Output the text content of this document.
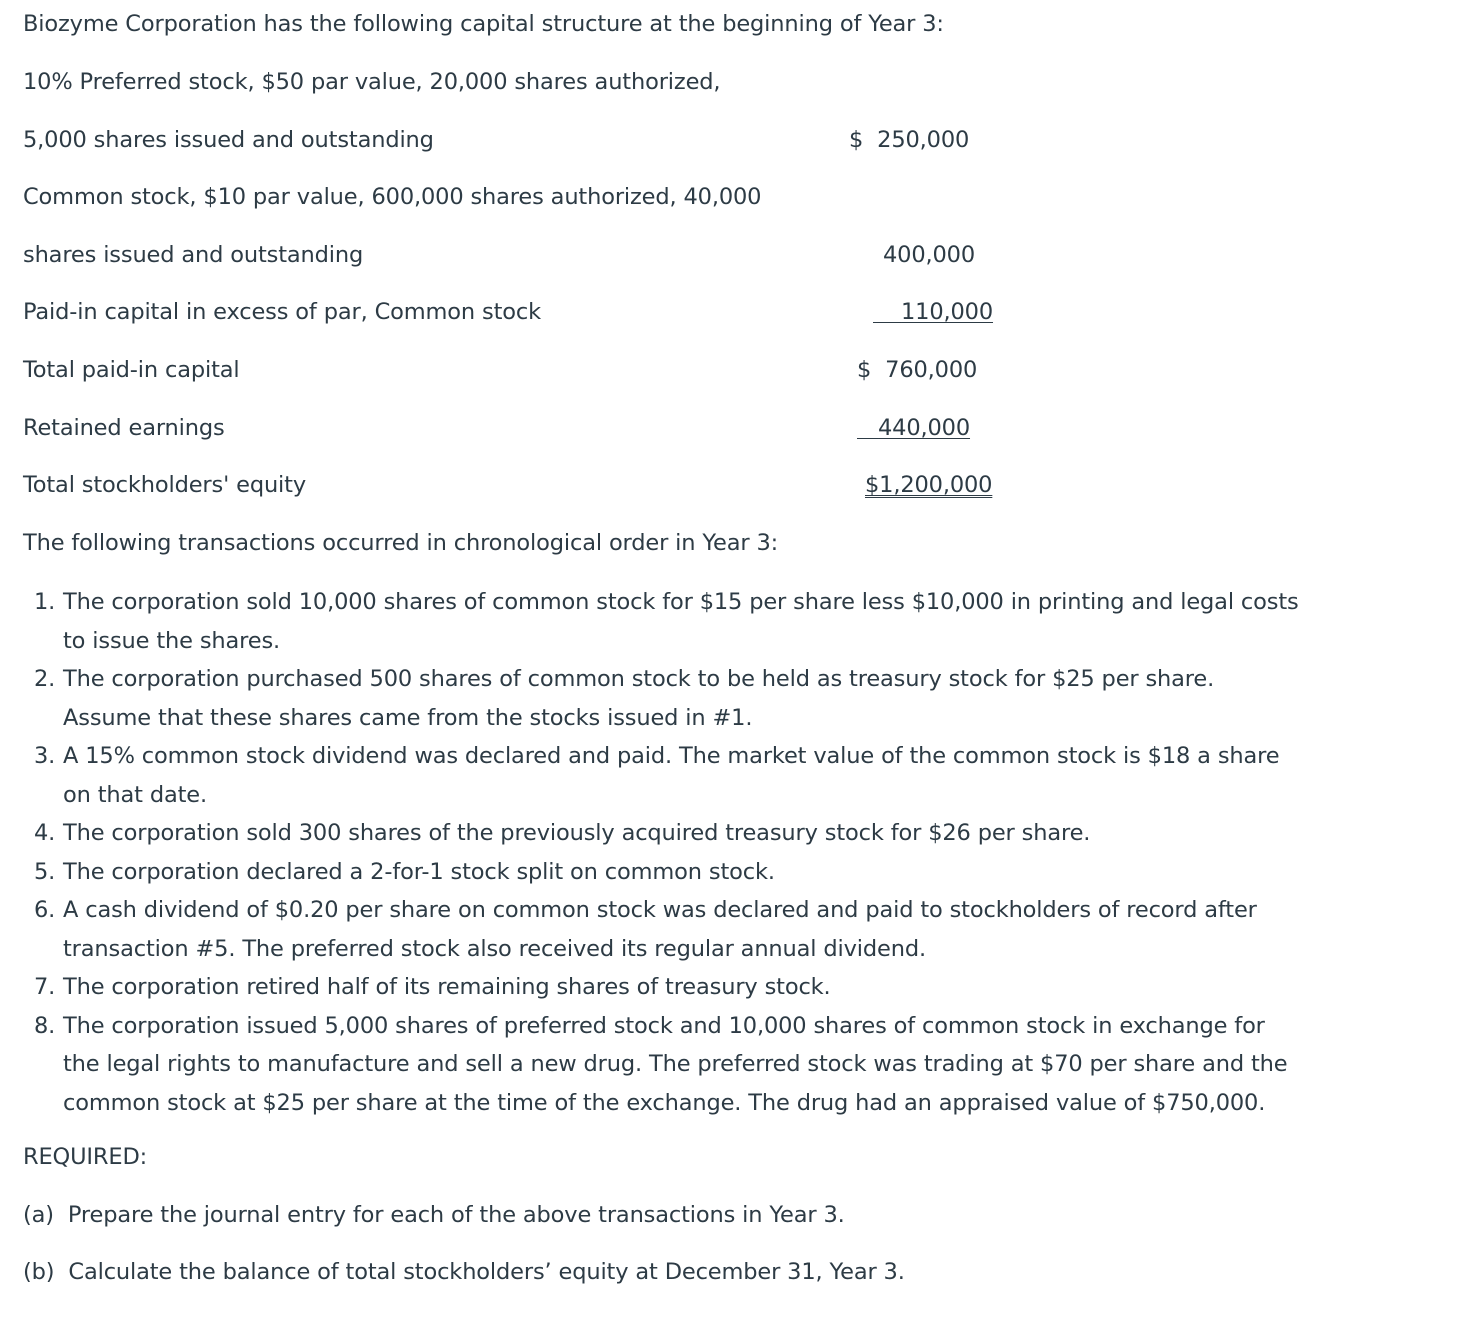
Biozyme Corporation has the following capital structure at the beginning of Year 3:
10% Preferred stock, $50 par value, 20,000 shares authorized,
5,000 shares issued and outstanding	$  250,000
Common stock, $10 par value, 600,000 shares authorized, 40,000
shares issued and outstanding	400,000
Paid-in capital in excess of par, Common stock	110,000
Total paid-in capital	$  760,000
Retained earnings	440,000
Total stockholders' equity	$1,200,000
The following transactions occurred in chronological order in Year 3:
1. The corporation sold 10,000 shares of common stock for $15 per share less $10,000 in printing and legal costs to issue the shares.
2. The corporation purchased 500 shares of common stock to be held as treasury stock for $25 per share. Assume that these shares came from the stocks issued in #1.
3. A 15% common stock dividend was declared and paid. The market value of the common stock is $18 a share on that date.
4. The corporation sold 300 shares of the previously acquired treasury stock for $26 per share.
5. The corporation declared a 2-for-1 stock split on common stock.
6. A cash dividend of $0.20 per share on common stock was declared and paid to stockholders of record after transaction #5. The preferred stock also received its regular annual dividend.
7. The corporation retired half of its remaining shares of treasury stock.
8. The corporation issued 5,000 shares of preferred stock and 10,000 shares of common stock in exchange for the legal rights to manufacture and sell a new drug. The preferred stock was trading at $70 per share and the common stock at $25 per share at the time of the exchange. The drug had an appraised value of $750,000.
REQUIRED:
(a)  Prepare the journal entry for each of the above transactions in Year 3.
(b)  Calculate the balance of total stockholders’ equity at December 31, Year 3.
